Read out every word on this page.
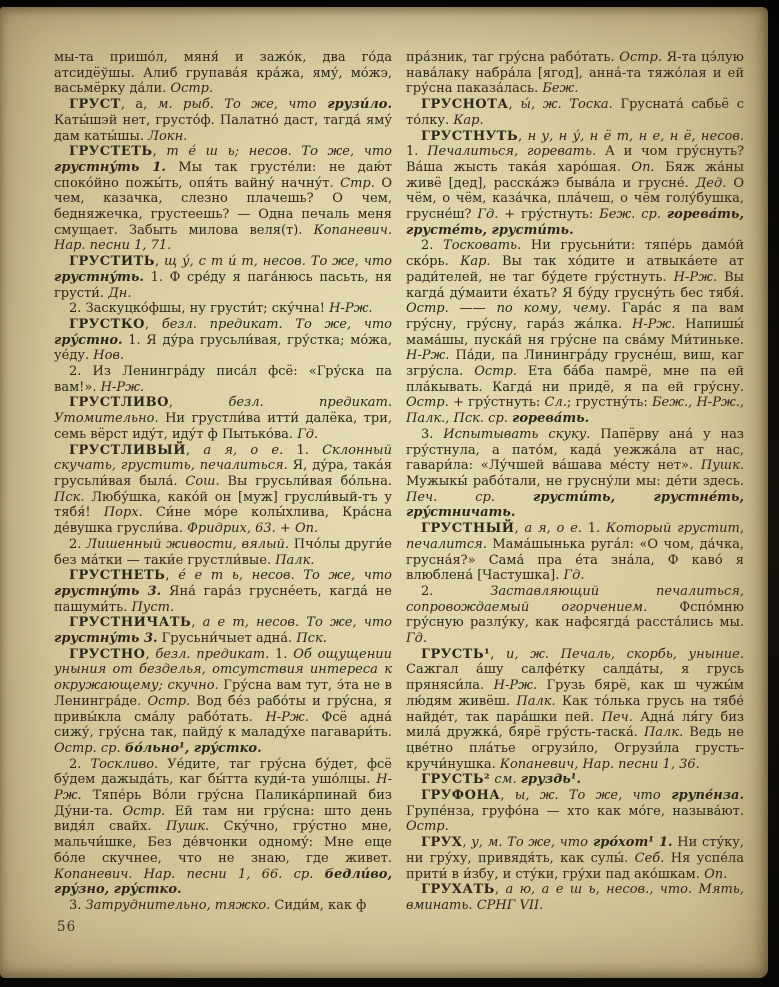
мы-та пришо́л, мяня́ и зажо́к, два го́да атсидёўшы. Алиб групава́я кра́жа, яму́, мо́жэ, васьмёрку да́ли. Остр.

ГРУСТ, а, м. рыб. То же, что грузи́ло. Каты́шэй нет, грусто́ф. Палатно́ даст, тагда́ яму́ дам каты́шы. Локн.

ГРУСТЕТЬ, т е́ ш ь; несов. То же, что грустну́ть 1. Мы так грусте́ли: не даю́т споко́йно пожы́ть, опя́ть вайну́ начну́т. Стр. О чем, казачка, слезно плачешь? О чем, бедняжечка, грустеешь? — Одна печаль меня смущает. Забыть милова веля(т). Копаневич. Нар. песни 1, 71.

ГРУСТИТЬ, щ у́, с т и́ т, несов. То же, что грустну́ть. 1. Ф сре́ду я пага́нюсь пасьть, ня грусти́. Дн.

2. Заскуцко́фшы, ну грусти́т; ску́чна! Н-Рж.

ГРУСТКО, безл. предикат. То же, что гру́стно. 1. Я ду́ра грусьли́вая, гру́стка; мо́жа, уе́ду. Нов.

2. Из Ленингра́ду писа́л фсё: «Гру́ска па вам!». Н-Рж.

ГРУСТЛИВО, безл. предикат. Утомительно. Ни грустли́ва итти́ далёка, три, семь вёрст иду́т, иду́т ф Пытько́ва. Гд.

ГРУСТЛИВЫЙ, а я, о е. 1. Склонный скучать, грустить, печалиться. Я, ду́ра, така́я грусьли́вая была́. Сош. Вы грусьли́вая бо́льна. Пск. Любу́шка, како́й он [муж] грусли́вый-тъ у тябя́! Порх. Си́не мо́ре колы́хлива, Кра́сна де́вушка грусли́ва. Фридрих, 63. + Оп.

2. Лишенный живости, вялый. Пчо́лы други́е без ма́тки — таки́е грустли́вые. Палк.

ГРУСТНЕТЬ, е́ е т ь, несов. То же, что грустну́ть 3. Яна́ гара́з грусне́еть, кагда́ не пашуми́ть. Пуст.

ГРУСТНИЧАТЬ, а е т, несов. То же, что грустну́ть 3. Грусьни́чыет адна́. Пск.

ГРУСТНО, безл. предикат. 1. Об ощущении уныния от безделья, отсутствия интереса к окружающему; скучно. Гру́сна вам тут, э́та не в Ленингра́де. Остр. Вод бе́з рабо́ты и гру́сна, я привы́кла сма́лу рабо́тать. Н-Рж. Фсё адна́ сижу́, гру́сна так, пайду́ к маладу́хе пагавари́ть. Остр. ср. бо́льно¹, гру́стко.

2. Тоскливо. Уе́дите, таг гру́сна бу́дет, фсё бу́дем дажыда́ть, каг бы́тта куди́-та ушо́лцы. Н-Рж. Тяпе́рь Во́ли гру́сна Палика́рпинай биз Ду́ни-та. Остр. Ей там ни гру́сна: што день видя́л свайх. Пушк. Ску́чно, гру́стно мне, мальчи́шке, Без де́вчонки одному́: Мне еще бо́ле скучнее, что не знаю, где живет. Копаневич. Нар. песни 1, 66. ср. бедли́во, гру́зно, гру́стко.

3. Затруднительно, тяжко. Сиди́м, как ф

пра́зник, таг гру́сна рабо́тать. Остр. Я-та цэ́лую нава́лаку набра́ла [ягод], анна́-та тяжо́лая и ей гру́сна паказа́лась. Беж.

ГРУСНОТА, ы́, ж. Тоска. Грусната́ сабьё с то́лку. Кар.

ГРУСТНУТЬ, н у, н у́, н ё т, н е, н ё, несов. 1. Печалиться, горевать. А и чом гру́снуть? Ва́ша жысть така́я харо́шая. Оп. Бяж жа́ны живё [дед], расска́жэ быва́ла и грусне́. Дед. О чём, о чём, каза́чка, пла́чеш, о чём голу́бушка, грусне́ш? Гд. + гру́стнуть: Беж. ср. горева́ть, грусте́ть, грусти́ть.

2. Тосковать. Ни грусьни́ти: тяпе́рь дамо́й ско́рь. Кар. Вы так хо́дите и атвыка́ете ат ради́телей, не таг бу́дете гру́стнуть. Н-Рж. Вы кагда́ ду́маити е́хать? Я бу́ду грусну́ть бес тябя́. Остр. —— по кому, чему. Гара́с я па вам гру́сну, гру́сну, гара́з жа́лка. Н-Рж. Напишы́ мама́шы, пуска́й ня гру́сне па сва́му Ми́тиньке. Н-Рж. Па́ди, па Линингра́ду грусне́ш, виш, каг згру́сла. Остр. Ета ба́ба памрё, мне па ей пла́кывать. Кагда́ ни придё, я па ей гру́сну. Остр. + гру́стнуть: Сл.; грустну́ть: Беж., Н-Рж., Палк., Пск. ср. горева́ть.

3. Испытывать скуку. Папёрву ана́ у наз гру́стнула, а пато́м, када́ уежжа́ла ат нас, гавари́ла: «Лу́чшей ва́шава ме́сту нет». Пушк. Мужыкы́ рабо́тали, не грусну́ли мы: де́ти здесь. Печ. ср. грусти́ть, грустне́ть, гру́стничать.

ГРУСТНЫЙ, а я, о е. 1. Который грустит, печалится. Мама́шынька руга́л: «О чом, да́чка, грусна́я?» Сама́ пра е́та зна́ла, Ф каво́ я влюблена́ [Частушка]. Гд.

2. Заставляющий печалиться, сопровождаемый огорчением. Фспо́мню гру́сную разлу́ку, как нафсягда́ расста́лись мы. Гд.

ГРУСТЬ¹, и, ж. Печаль, скорбь, уныние. Сажгал а́шу салфе́тку салда́ты, я грусь пряняси́ла. Н-Рж. Грузь бярё, как ш чужы́м лю́дям живёш. Палк. Как то́лька грусь на тябе́ найде́т, так пара́шки пей. Печ. Адна́ ля́гу биз мила́ дружка́, бярё гру́сть-таска́. Палк. Ведь не цве́тно пла́тье огрузи́ло, Огрузи́ла грусть-кручи́нушка. Копаневич, Нар. песни 1, 36.

ГРУСТЬ² см. груздь¹.

ГРУФОНА, ы, ж. То же, что групе́нза. Групе́нза, груфо́на — хто как мо́ге, называ́ют. Остр.

ГРУХ, у, м. То же, что гро́хот¹ 1. Ни сту́ку, ни гру́ху, привядя́ть, как сулы́. Себ. Ня успе́ла прити́ в и́збу, и сту́ки, гру́хи пад ако́шкам. Оп.

ГРУХАТЬ, а ю, а е ш ь, несов., что. Мять, вминать. СРНГ VII.

56
